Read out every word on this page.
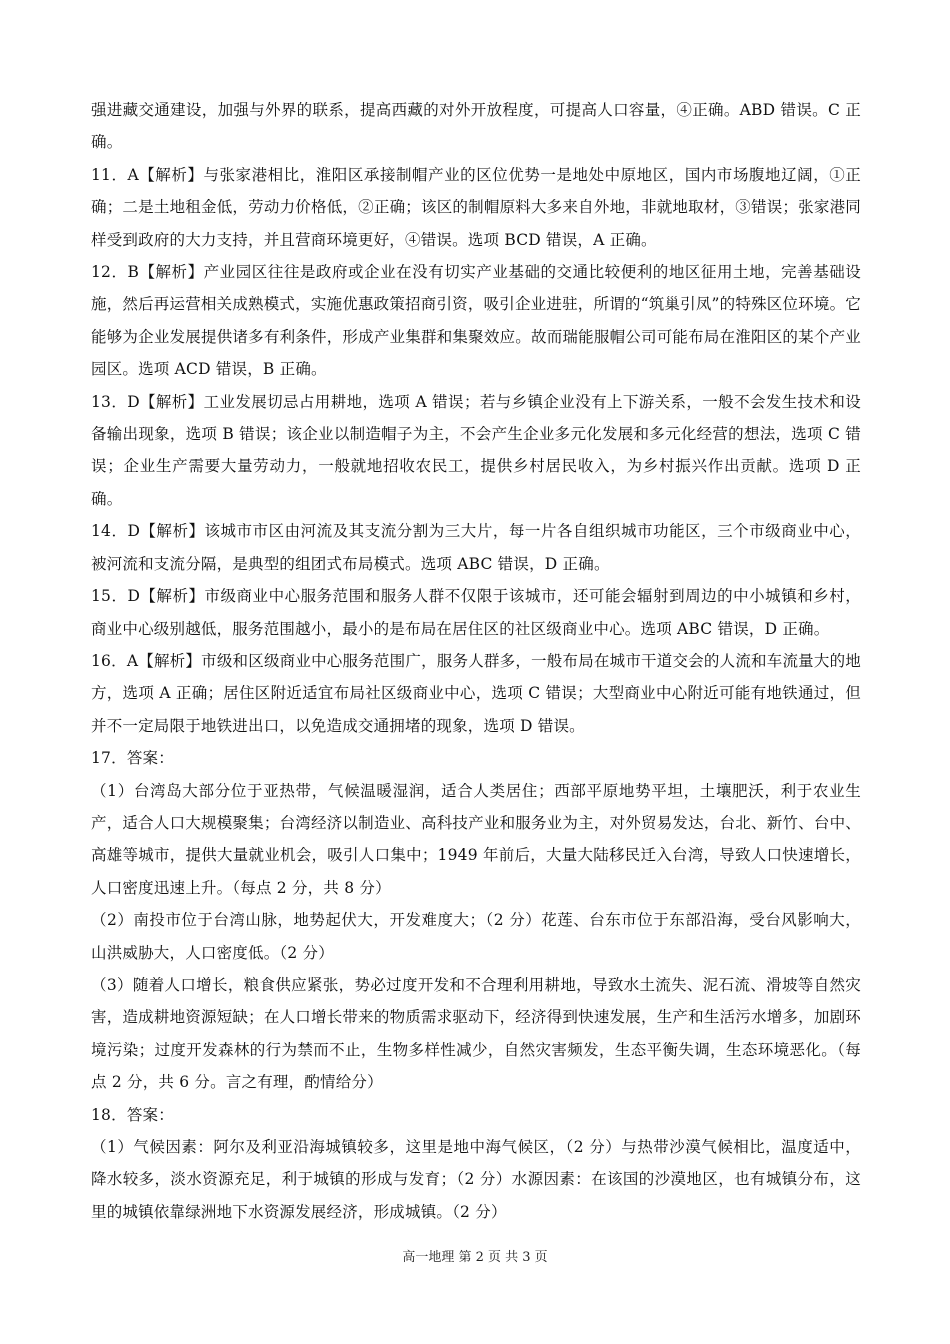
强进藏交通建设，加强与外界的联系，提高西藏的对外开放程度，可提高人口容量，④正确。ABD 错误。C 正确。

11．A【解析】与张家港相比，淮阳区承接制帽产业的区位优势一是地处中原地区，国内市场腹地辽阔，①正确；二是土地租金低，劳动力价格低，②正确；该区的制帽原料大多来自外地，非就地取材，③错误；张家港同样受到政府的大力支持，并且营商环境更好，④错误。选项 BCD 错误，A 正确。

12．B【解析】产业园区往往是政府或企业在没有切实产业基础的交通比较便利的地区征用土地，完善基础设施，然后再运营相关成熟模式，实施优惠政策招商引资，吸引企业进驻，所谓的“筑巢引凤”的特殊区位环境。它能够为企业发展提供诸多有利条件，形成产业集群和集聚效应。故而瑞能服帽公司可能布局在淮阳区的某个产业园区。选项 ACD 错误，B 正确。

13．D【解析】工业发展切忌占用耕地，选项 A 错误；若与乡镇企业没有上下游关系，一般不会发生技术和设备输出现象，选项 B 错误；该企业以制造帽子为主，不会产生企业多元化发展和多元化经营的想法，选项 C 错误；企业生产需要大量劳动力，一般就地招收农民工，提供乡村居民收入，为乡村振兴作出贡献。选项 D 正确。

14．D【解析】该城市市区由河流及其支流分割为三大片，每一片各自组织城市功能区，三个市级商业中心，被河流和支流分隔，是典型的组团式布局模式。选项 ABC 错误，D 正确。

15．D【解析】市级商业中心服务范围和服务人群不仅限于该城市，还可能会辐射到周边的中小城镇和乡村，商业中心级别越低，服务范围越小，最小的是布局在居住区的社区级商业中心。选项 ABC 错误，D 正确。

16．A【解析】市级和区级商业中心服务范围广，服务人群多，一般布局在城市干道交会的人流和车流量大的地方，选项 A 正确；居住区附近适宜布局社区级商业中心，选项 C 错误；大型商业中心附近可能有地铁通过，但并不一定局限于地铁进出口，以免造成交通拥堵的现象，选项 D 错误。

17．答案：

（1）台湾岛大部分位于亚热带，气候温暖湿润，适合人类居住；西部平原地势平坦，土壤肥沃，利于农业生产，适合人口大规模聚集；台湾经济以制造业、高科技产业和服务业为主，对外贸易发达，台北、新竹、台中、高雄等城市，提供大量就业机会，吸引人口集中；1949 年前后，大量大陆移民迁入台湾，导致人口快速增长，人口密度迅速上升。（每点 2 分，共 8 分）

（2）南投市位于台湾山脉，地势起伏大，开发难度大；（2 分）花莲、台东市位于东部沿海，受台风影响大，山洪威胁大，人口密度低。（2 分）

（3）随着人口增长，粮食供应紧张，势必过度开发和不合理利用耕地，导致水土流失、泥石流、滑坡等自然灾害，造成耕地资源短缺；在人口增长带来的物质需求驱动下，经济得到快速发展，生产和生活污水增多，加剧环境污染；过度开发森林的行为禁而不止，生物多样性减少，自然灾害频发，生态平衡失调，生态环境恶化。（每点 2 分，共 6 分。言之有理，酌情给分）

18．答案：

（1）气候因素：阿尔及利亚沿海城镇较多，这里是地中海气候区，（2 分）与热带沙漠气候相比，温度适中，降水较多，淡水资源充足，利于城镇的形成与发育；（2 分）水源因素：在该国的沙漠地区，也有城镇分布，这里的城镇依靠绿洲地下水资源发展经济，形成城镇。（2 分）

高一地理 第 2 页 共 3 页
